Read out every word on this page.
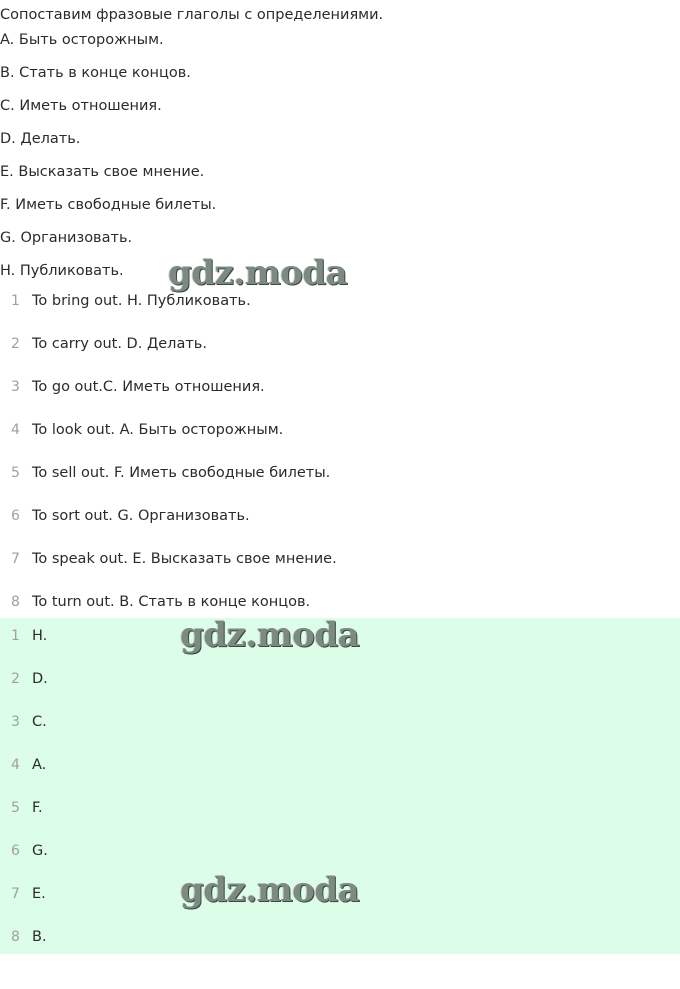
Сопоставим фразовые глаголы с определениями.
A. Быть осторожным.
B. Стать в конце концов.
C. Иметь отношения.
D. Делать.
E. Высказать свое мнение.
F. Иметь свободные билеты.
G. Организовать.
H. Публиковать.
1 To bring out. H. Публиковать.
2 To carry out. D. Делать.
3 To go out.C. Иметь отношения.
4 To look out. A. Быть осторожным.
5 To sell out. F. Иметь свободные билеты.
6 To sort out. G. Организовать.
7 To speak out. E. Высказать свое мнение.
8 To turn out. B. Стать в конце концов.
1 H.
2 D.
3 C.
4 A.
5 F.
6 G.
7 E.
8 B.
gdz.moda
gdz.moda
gdz.moda
